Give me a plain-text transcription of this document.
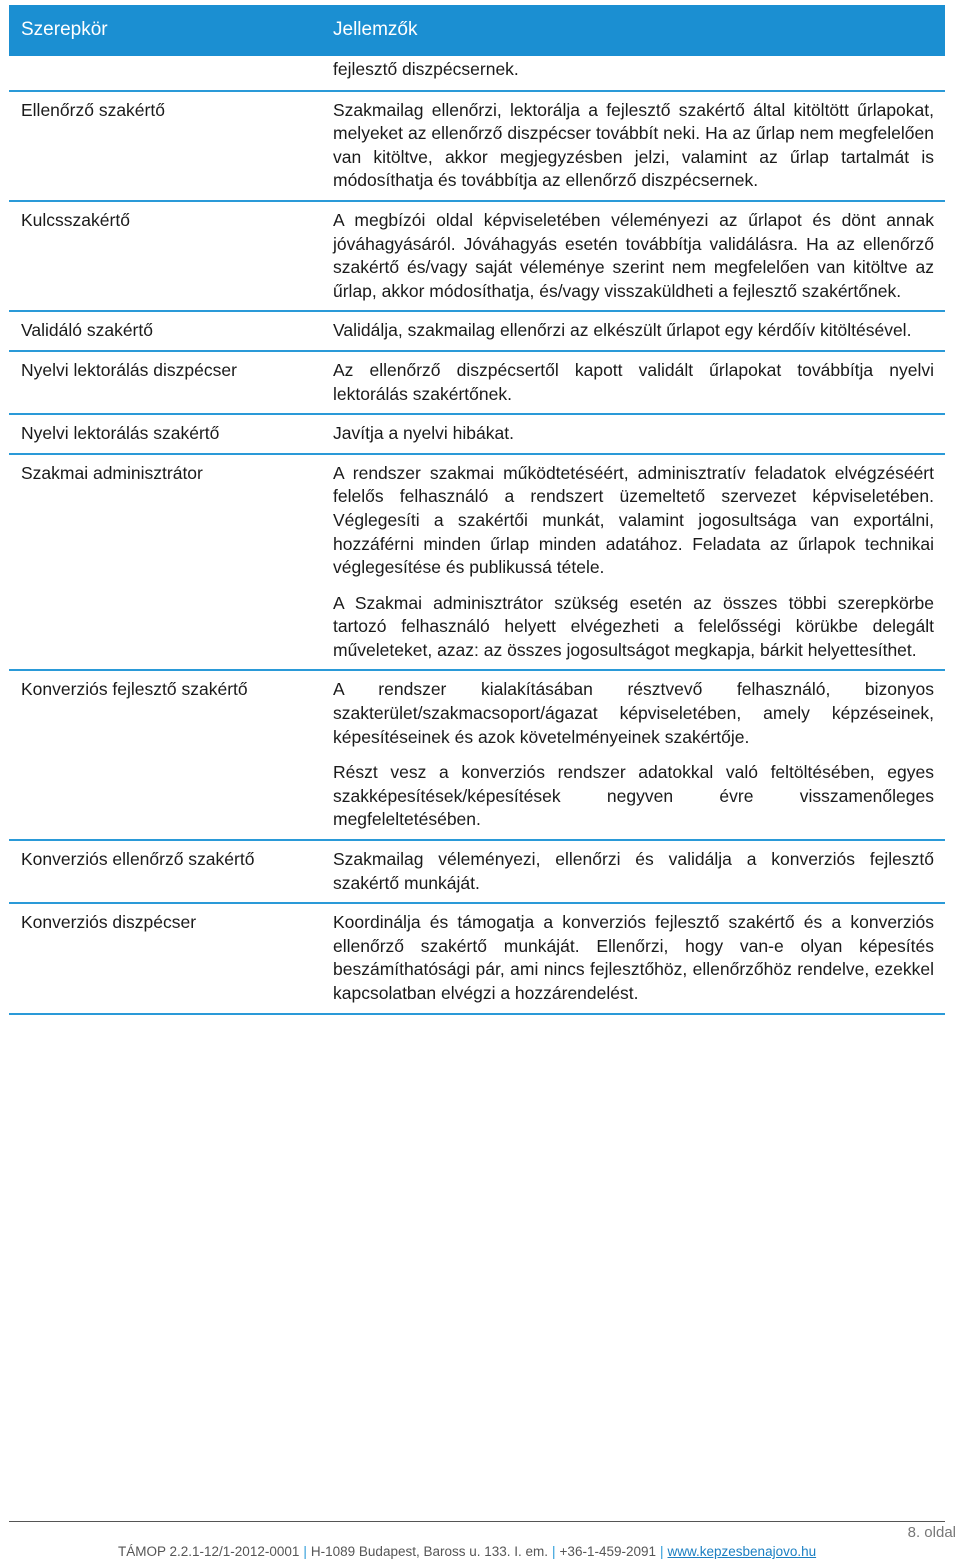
Szerepkör	Jellemzők
	fejlesztő diszpécsernek.
Ellenőrző szakértő	Szakmailag ellenőrzi, lektorálja a fejlesztő szakértő által kitöltött űrlapokat, melyeket az ellenőrző diszpécser továbbít neki. Ha az űrlap nem megfelelően van kitöltve, akkor megjegyzésben jelzi, valamint az űrlap tartalmát is módosíthatja és továbbítja az ellenőrző diszpécsernek.

Kulcsszakértő	A megbízói oldal képviseletében véleményezi az űrlapot és dönt annak jóváhagyásáról. Jóváhagyás esetén továbbítja validálásra. Ha az ellenőrző szakértő és/vagy saját véleménye szerint nem megfelelően van kitöltve az űrlap, akkor módosíthatja, és/vagy visszaküldheti a fejlesztő szakértőnek.

Validáló szakértő	Validálja, szakmailag ellenőrzi az elkészült űrlapot egy kérdőív kitöltésével.

Nyelvi lektorálás diszpécser	Az ellenőrző diszpécsertől kapott validált űrlapokat továbbítja nyelvi lektorálás szakértőnek.

Nyelvi lektorálás szakértő	Javítja a nyelvi hibákat.

Szakmai adminisztrátor	A rendszer szakmai működtetéséért, adminisztratív feladatok elvégzéséért felelős felhasználó a rendszert üzemeltető szervezet képviseletében. Véglegesíti a szakértői munkát, valamint jogosultsága van exportálni, hozzáférni minden űrlap minden adatához. Feladata az űrlapok technikai véglegesítése és publikussá tétele.

A Szakmai adminisztrátor szükség esetén az összes többi szerepkörbe tartozó felhasználó helyett elvégezheti a felelősségi körükbe delegált műveleteket, azaz: az összes jogosultságot megkapja, bárkit helyettesíthet.

Konverziós fejlesztő szakértő	A rendszer kialakításában résztvevő felhasználó, bizonyos szakterület/szakmacsoport/ágazat képviseletében, amely képzéseinek, képesítéseinek és azok követelményeinek szakértője.

Részt vesz a konverziós rendszer adatokkal való feltöltésében, egyes szakképesítések/képesítések negyven évre visszamenőleges megfeleltetésében.

Konverziós ellenőrző szakértő	Szakmailag véleményezi, ellenőrzi és validálja a konverziós fejlesztő szakértő munkáját.

Konverziós diszpécser	Koordinálja és támogatja a konverziós fejlesztő szakértő és a konverziós ellenőrző szakértő munkáját. Ellenőrzi, hogy van-e olyan képesítés beszámíthatósági pár, ami nincs fejlesztőhöz, ellenőrzőhöz rendelve, ezekkel kapcsolatban elvégzi a hozzárendelést.

8. oldal
TÁMOP 2.2.1-12/1-2012-0001 | H-1089 Budapest, Baross u. 133. I. em. | +36-1-459-2091 | www.kepzesbenajovo.hu
